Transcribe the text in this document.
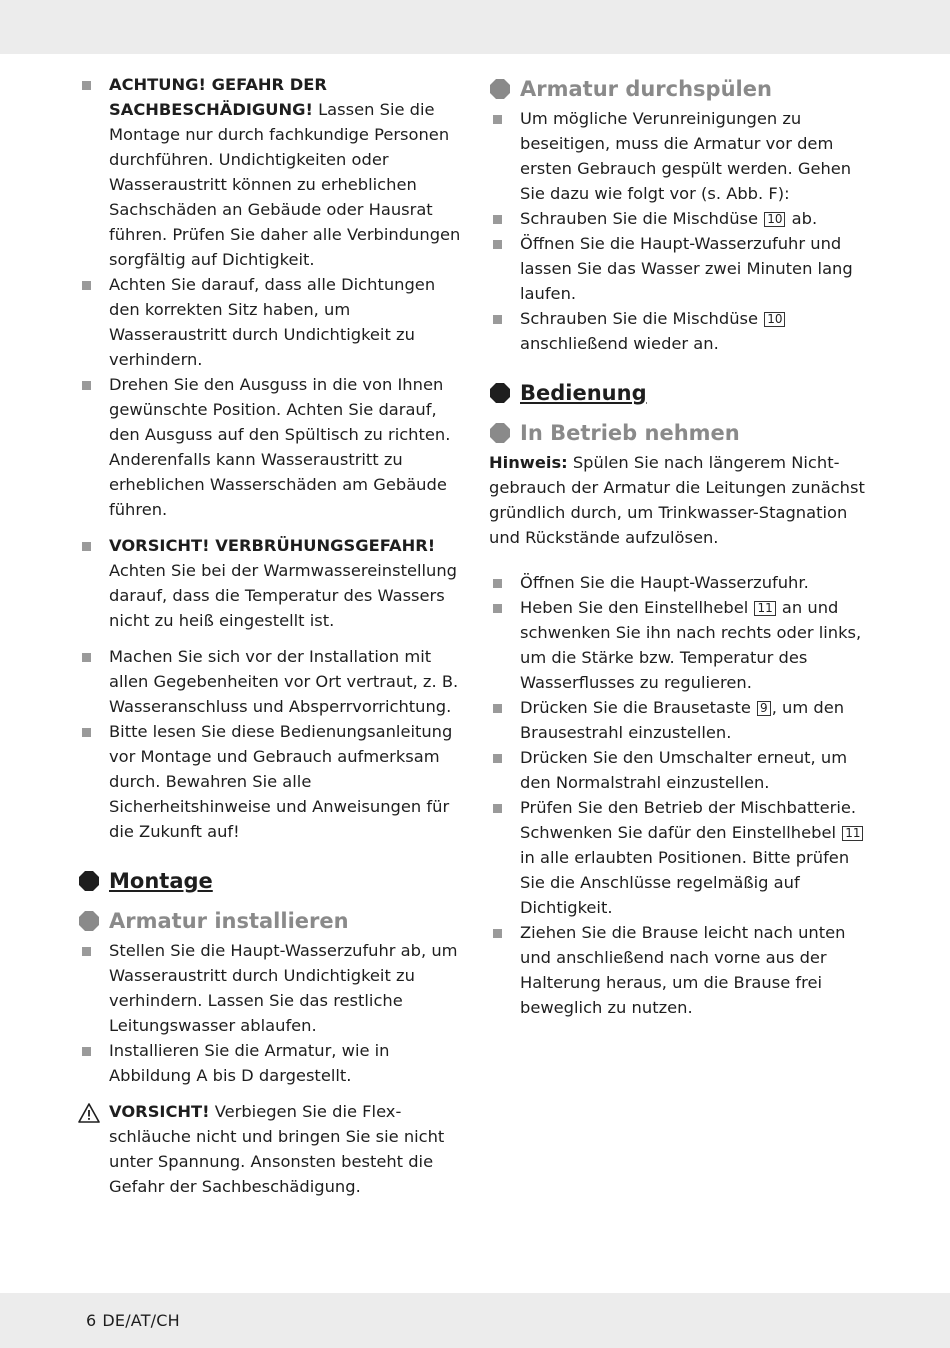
ACHTUNG! GEFAHR DER SACHBESCHÄDIGUNG! Lassen Sie die Montage nur durch fachkundige Personen durchführen. Undichtigkeiten oder Wasseraustritt können zu erheblichen Sachschäden an Gebäude oder Hausrat führen. Prüfen Sie daher alle Verbindungen sorgfältig auf Dichtigkeit.
Achten Sie darauf, dass alle Dichtungen den korrekten Sitz haben, um Wasseraustritt durch Undichtigkeit zu verhindern.
Drehen Sie den Ausguss in die von Ihnen gewünschte Position. Achten Sie darauf, den Ausguss auf den Spültisch zu richten. Anderenfalls kann Wasseraustritt zu erheblichen Wasserschäden am Gebäude führen.
VORSICHT! VERBRÜHUNGSGEFAHR!
Achten Sie bei der Warmwassereinstellung darauf, dass die Temperatur des Wassers nicht zu heiß eingestellt ist.
Machen Sie sich vor der Installation mit allen Gegebenheiten vor Ort vertraut, z. B. Wasseranschluss und Absperrvorrichtung.
Bitte lesen Sie diese Bedienungsanleitung vor Montage und Gebrauch aufmerksam durch. Bewahren Sie alle Sicherheitshinweise und Anweisungen für die Zukunft auf!
Montage
Armatur installieren
Stellen Sie die Haupt-Wasserzufuhr ab, um Wasseraustritt durch Undichtigkeit zu verhindern. Lassen Sie das restliche Leitungswasser ablaufen.
Installieren Sie die Armatur, wie in Abbildung A bis D dargestellt.
VORSICHT! Verbiegen Sie die Flexschläuche nicht und bringen Sie sie nicht unter Spannung. Ansonsten besteht die Gefahr der Sachbeschädigung.
Armatur durchspülen
Um mögliche Verunreinigungen zu beseitigen, muss die Armatur vor dem ersten Gebrauch gespült werden. Gehen Sie dazu wie folgt vor (s. Abb. F):
Schrauben Sie die Mischdüse 10 ab.
Öffnen Sie die Haupt-Wasserzufuhr und lassen Sie das Wasser zwei Minuten lang laufen.
Schrauben Sie die Mischdüse 10 anschließend wieder an.
Bedienung
In Betrieb nehmen
Hinweis: Spülen Sie nach längerem Nichtgebrauch der Armatur die Leitungen zunächst gründlich durch, um Trinkwasser-Stagnation und Rückstände aufzulösen.
Öffnen Sie die Haupt-Wasserzufuhr.
Heben Sie den Einstellhebel 11 an und schwenken Sie ihn nach rechts oder links, um die Stärke bzw. Temperatur des Wasserflusses zu regulieren.
Drücken Sie die Brausetaste 9 , um den Brausestrahl einzustellen.
Drücken Sie den Umschalter erneut, um den Normalstrahl einzustellen.
Prüfen Sie den Betrieb der Mischbatterie. Schwenken Sie dafür den Einstellhebel 11 in alle erlaubten Positionen. Bitte prüfen Sie die Anschlüsse regelmäßig auf Dichtigkeit.
Ziehen Sie die Brause leicht nach unten und anschließend nach vorne aus der Halterung heraus, um die Brause frei beweglich zu nutzen.
6 DE/AT/CH
